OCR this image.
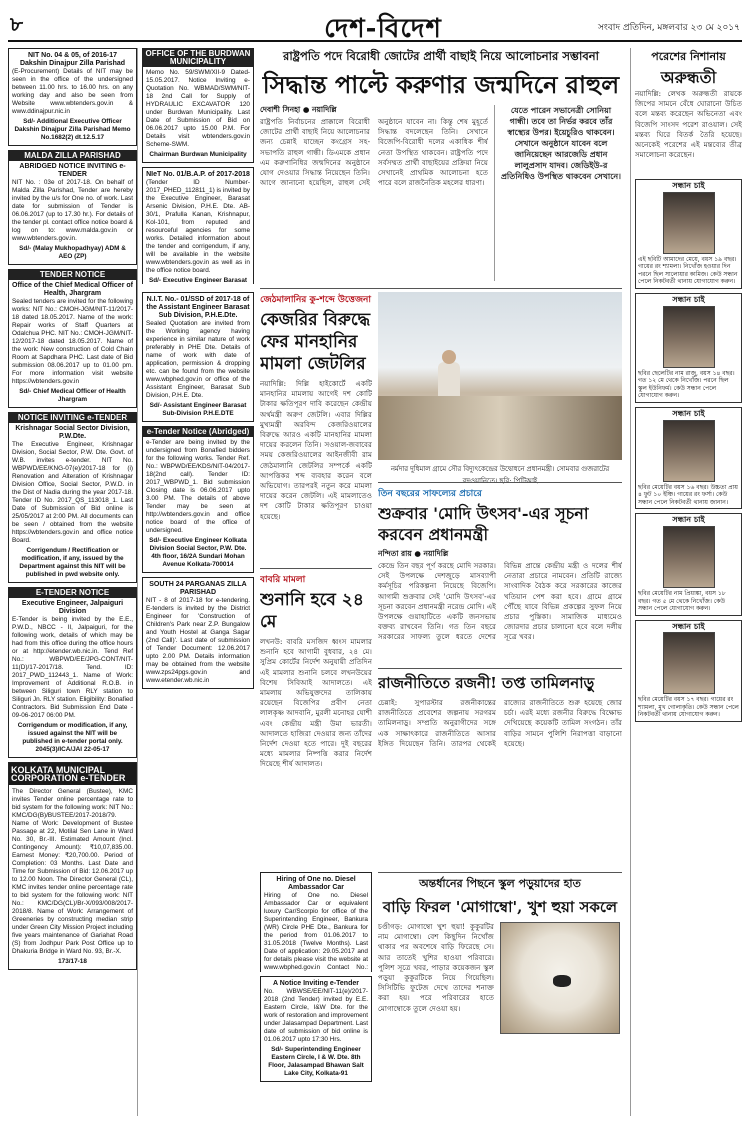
৮	দেশ-বিদেশ	সংবাদ প্রতিদিন, মঙ্গলবার ২৩ মে ২০১৭
NIT No. 04 & 05, of 2016-17
Dakshin Dinajpur Zilla Parishad
(E-Procurement) Details of NIT may be seen in the office of the undersigned between 11.00 hrs. to 16.00 hrs. on any working day and also be seen from Website www.wbtenders.gov.in & www.ddinajpur.nic.in
Sd/- Additional Executive Officer Dakshin Dinajpur Zilla Parishad Memo No.1682(2) dt.12.5.17
MALDA ZILLA PARISHAD
ABRIDGED NOTICE INVITING e-TENDER
NIT No. : 03e of 2017-18. On behalf of Malda Zilla Parishad, Tender are hereby invited by the u/s for One no. of work. Last date for submission of Tender is 06.06.2017 (up to 17.30 hr.). For details of the tender pl. contact office notice board & log on to: www.malda.gov.in or www.wbtenders.gov.in.
Sd/- (Malay Mukhopadhyay) ADM & AEO (ZP)
TENDER NOTICE
Office of the Chief Medical Officer of Health, Jhargram
Sealed tenders are invited for the following works: NIT No.: CMOH-JGM/NIT-11/2017-18 dated 18.05.2017. Name of the work: Repair works of Staff Quarters at Odalchua PHC. NIT No.: CMOH-JGM/NIT-12/2017-18 dated 18.05.2017. Name of the work: New construction of Cold Chain Room at Sapdhara PHC. Last date of Bid submission 08.06.2017 up to 01.00 pm. For more information visit website https://wbtenders.gov.in
Sd/- Chief Medical Officer of Health Jhargram
NOTICE INVITING e-TENDER
Krishnagar Social Sector Division, P.W.Dte.
The Executive Engineer, Krishnagar Division, Social Sector, P.W. Dte. Govt. of W.B. invites e-tender. NIT No. WBPWD/EE/KNG-07(e)/2017-18 for (i) Renovation and Alteration of Krishnagar Division Office, Social Sector, P.W.D. in the Dist of Nadia during the year 2017-18. Tender ID No. 2017_QS_113018_1. Last Date of Submission of Bid online is 25/05/2017 at 2:00 PM. All documents can be seen / obtained from the website https://wbtenders.gov.in and office notice Board.
Corrigendum / Rectification or modification, if any, issued by the Department against this NIT will be published in pwd website only.
E-TENDER NOTICE
Executive Engineer, Jalpaiguri Division
E-Tender is being invited by the E.E., P.W.D., NBCC - II, Jalpaiguri, for the following work, details of which may be had from this office during the office hours or at http://etender.wb.nic.in. Tend Ref No.: WBPWD/EE/JPG-CONT/NIT-11(D)/17-2017/18. Tend. ID: 2017_PWD_112443_1. Name of Work: Improvement of Additional R.O.B. in between Siliguri town RLY station to Siliguri Jn. RLY station. Eligibility: Bonafied Contractors. Bid Submission End Date - 09-06-2017 06:00 PM.
Corrigendum or modification, if any, issued against the NIT will be published in e-tender portal only. 2045(3)/ICA/JAI 22-05-17
KOLKATA MUNICIPAL CORPORATION e-TENDER
The Director General (Bustee), KMC invites Tender online percentage rate to bid system for the following work: NIT No.: KMC/DG(B)/BUSTEE/2017-2018/79. Name of Work: Development of Bustee Passage at 22, Motilal Sen Lane in Ward No. 30, Br.-III. Estimated Amount (Incl. Contingency Amount): ₹10,07,835.00. Earnest Money: ₹20,700.00. Period of Completion: 03 Months. Last Date and Time for Submission of Bid: 12.06.2017 up to 12.00 Noon. The Director General (CL), KMC invites tender online percentage rate to bid system for the following work: NIT No.: KMC/DG(CL)/Br-X/093/008/2017-2018/8. Name of Work: Arrangement of Greeneries by constructing median strip under Green City Mission Project including five years maintenance of Gariahat Road (S) from Jodhpur Park Post Office up to Dhakuria Bridge in Ward No. 93, Br.-X.
173/17-18
OFFICE OF THE BURDWAN MUNICIPALITY
Memo No. 59/SWM/XII-9 Dated-15.05.2017. Notice Inviting e-Quotation No. WBMAD/SWM/NIT-18 2nd Call for Supply of HYDRAULIC EXCAVATOR 120 under Burdwan Municipality. Last Date of Submission of Bid on 06.06.2017 upto 15.00 P.M. For Details visit wbtenders.gov.in Scheme-SWM.
Chairman Burdwan Municipality
NIeT No. 01/B.A.P. of 2017-2018
(Tender ID Number-2017_PHED_112811_1) is invited by the Executive Engineer, Barasat Arsenic Division, P.H.E. Dte. AB-30/1, Prafulla Kanan, Krishnapur, Kol-101, from reputed and resourceful agencies for some works. Detailed information about the tender and corrigendum, if any, will be available in the website www.wbtenders.gov.in as well as in the office notice board.
Sd/- Executive Engineer Barasat
রাষ্ট্রপতি পদে বিরোধী জোটের প্রার্থী বাছাই নিয়ে আলোচনার সম্ভাবনা
সিদ্ধান্ত পাল্টে করুণার জন্মদিনে রাহুল
দেবাশী সিনহা ● নয়াদিল্লি
রাষ্ট্রপতি নির্বাচনের প্রাক্কালে বিরোধী জোটের প্রার্থী বাছাই নিয়ে আলোচনার জন্য চেন্নাই যাচ্ছেন কংগ্রেস সহ-সভাপতি রাহুল গান্ধী। ডিএমকে প্রধান এম করুণানিধির জন্মদিনের অনুষ্ঠানে যোগ দেওয়ার সিদ্ধান্ত নিয়েছেন তিনি। আগে জানানো হয়েছিল, রাহুল সেই অনুষ্ঠানে যাবেন না। কিন্তু শেষ মুহূর্তে সিদ্ধান্ত বদলেছেন তিনি। সেখানে বিজেপি-বিরোধী দলের একাধিক শীর্ষ নেতা উপস্থিত থাকবেন। রাষ্ট্রপতি পদে সর্বসম্মত প্রার্থী বাছাইয়ের প্রক্রিয়া নিয়ে সেখানেই প্রাথমিক আলোচনা হতে পারে বলে রাজনৈতিক মহলের ধারণা।
যেতে পারেন সভানেত্রী সোনিয়া গান্ধী। তবে তা নির্ভর করবে তাঁর স্বাস্থ্যের উপর। ইয়েচুরিও থাকবেন। সেখানে অনুষ্ঠানে যাবেন বলে জানিয়েছেন আরজেডি প্রধান লালুপ্রসাদ যাদব। জেডিইউ-র প্রতিনিধিও উপস্থিত থাকবেন সেখানে।
জেঠমালানির কু-শব্দে উত্তেজনা
কেজরির বিরুদ্ধে ফের মানহানির মামলা জেটলির
নয়াদিল্লি: দিল্লি হাইকোর্টে একটি মানহানির মামলায় আগেই দশ কোটি টাকার ক্ষতিপূরণ দাবি করেছেন কেন্দ্রীয় অর্থমন্ত্রী অরুণ জেটলি। এবার দিল্লির মুখ্যমন্ত্রী অরবিন্দ কেজরিওয়ালের বিরুদ্ধে আরও একটি মানহানির মামলা দায়ের করলেন তিনি। সওয়াল-জবাবের সময় কেজরিওয়ালের আইনজীবী রাম জেঠমালানি জেটলির সম্পর্কে একটি আপত্তিকর শব্দ ব্যবহার করেন বলে অভিযোগ। তারপরই নতুন করে মামলা দায়ের করেন জেটলি। এই মামলাতেও দশ কোটি টাকার ক্ষতিপূরণ চাওয়া হয়েছে।
নর্মদার দুধিমাল গ্রামে সৌর বিদ্যুৎকেন্দ্রের উদ্বোধনে প্রধানমন্ত্রী। সোমবার গুজরাটের বদওয়ানিতে। ছবি: পিটিআই
তিন বছরের সাফল্যের প্রচারে
শুক্রবার 'মোদি উৎসব'-এর সূচনা করবেন প্রধানমন্ত্রী
নন্দিতা রায় ● নয়াদিল্লি
কেন্দ্রে তিন বছর পূর্ণ করছে মোদি সরকার। সেই উপলক্ষে দেশজুড়ে মাসব্যাপী কর্মসূচির পরিকল্পনা নিয়েছে বিজেপি। আগামী শুক্রবার সেই 'মোদি উৎসব'-এর সূচনা করবেন প্রধানমন্ত্রী নরেন্দ্র মোদি। এই উপলক্ষে গুয়াহাটিতে একটি জনসভায় বক্তব্য রাখবেন তিনি। গত তিন বছরে সরকারের সাফল্য তুলে ধরতে দেশের বিভিন্ন প্রান্তে কেন্দ্রীয় মন্ত্রী ও দলের শীর্ষ নেতারা প্রচারে নামবেন। প্রতিটি রাজ্যে সাংবাদিক বৈঠক করে সরকারের কাজের খতিয়ান পেশ করা হবে। গ্রামে গ্রামে পৌঁছে যাবে বিভিন্ন প্রকল্পের সুফল নিয়ে প্রচার পুস্তিকা। সামাজিক মাধ্যমেও জোরদার প্রচার চালানো হবে বলে দলীয় সূত্রে খবর।
N.I.T. No.- 01/SSD of 2017-18 of the Assistant Engineer Barasat Sub Division, P.H.E.Dte.
Sealed Quotation are invited from the Working agency having experience in similar nature of work preferably in PHE Dte. Details of name of work with date of application, permission & dropping etc. can be found from the website www.wbphed.gov.in or office of the Assistant Engineer, Barasat Sub Division, P.H.E. Dte.
Sd/- Assistant Engineer Barasat Sub-Division P.H.E.DTE
e-Tender Notice (Abridged)
e-Tender are being invited by the undersigned from Bonafied bidders for the following works. Tender Ref. No.: WBPWD/EE/KDS/NIT-04/2017-18(2nd call). Tender ID: 2017_WBPWD_1. Bid submission Closing date is 06.06.2017 upto 3.00 PM. The details of above Tender may be seen at http://wbtenders.gov.in and office notice board of the office of undersigned.
Sd/- Executive Engineer Kolkata Division Social Sector, P.W. Dte. 4th floor, 16/2A Sundari Mohan Avenue Kolkata-700014
SOUTH 24 PARGANAS ZILLA PARISHAD
NIT - 8 of 2017-18 for e-tendering. E-tenders is invited by the District Engineer for 'Construction of Children's Park near Z.P. Bungalow and Youth Hostel at Ganga Sagar (2nd Call)'. Last date of submission of Tender Document: 12.06.2017 upto 2.00 PM. Details information may be obtained from the website www.zps24pgs.gov.in and www.etender.wb.nic.in
বাবরি মামলা
শুনানি হবে ২৪ মে
লখনউ: বাবরি মসজিদ ধ্বংস মামলার শুনানি হবে আগামী বুধবার, ২৪ মে। সুপ্রিম কোর্টের নির্দেশ অনুযায়ী প্রতিদিন এই মামলার শুনানি চলবে লখনউয়ের বিশেষ সিবিআই আদালতে। এই মামলায় অভিযুক্তদের তালিকায় রয়েছেন বিজেপির প্রবীণ নেতা লালকৃষ্ণ আদবানি, মুরলী মনোহর যোশী এবং কেন্দ্রীয় মন্ত্রী উমা ভারতী। আদালতে হাজিরা দেওয়ার জন্য তাঁদের নির্দেশ দেওয়া হতে পারে। দুই বছরের মধ্যে মামলার নিষ্পত্তি করার নির্দেশ দিয়েছে শীর্ষ আদালত।
রাজনীতিতে রজনী! তপ্ত তামিলনাড়ু
চেন্নাই: সুপারস্টার রজনীকান্তের রাজনীতিতে প্রবেশের জল্পনায় সরগরম তামিলনাড়ু। সম্প্রতি অনুরাগীদের সঙ্গে এক সাক্ষাৎকারে রাজনীতিতে আসার ইঙ্গিত দিয়েছেন তিনি। তারপর থেকেই রাজ্যের রাজনীতিতে শুরু হয়েছে জোর চর্চা। এরই মধ্যে রজনীর বিরুদ্ধে বিক্ষোভ দেখিয়েছে কয়েকটি তামিল সংগঠন। তাঁর বাড়ির সামনে পুলিশি নিরাপত্তা বাড়ানো হয়েছে।
Hiring of One no. Diesel Ambassador Car
Hiring of One no. Diesel Ambassador Car or equivalent luxury Car/Scorpio for office of the Superintending Engineer, Bankura (WR) Circle PHE Dte., Bankura for the period from 01.06.2017 to 31.05.2018 (Twelve Months). Last Date of application: 29.05.2017 and for details please visit the website at www.wbphed.gov.in Contact No.:
অন্তর্ধানের পিছনে স্কুল পড়ুয়াদের হাত
বাড়ি ফিরল 'মোগাম্বো', খুশ হুয়া সকলে
চণ্ডীগড়: মোগাম্বো খুশ হুয়া! কুকুরটির নাম মোগাম্বো। বেশ কিছুদিন নিখোঁজ থাকার পর অবশেষে বাড়ি ফিরেছে সে। আর তাতেই খুশির হাওয়া পরিবারে। পুলিশ সূত্রে খবর, পাড়ার কয়েকজন স্কুল পড়ুয়া কুকুরটিকে নিয়ে গিয়েছিল। সিসিটিভি ফুটেজ দেখে তাদের শনাক্ত করা হয়। পরে পরিবারের হাতে মোগাম্বোকে তুলে দেওয়া হয়।
A Notice Inviting e-Tender
No. WBWSE/EE/NIT-11(e)/2017-2018 (2nd Tender) invited by E.E. Eastern Circle, I&W Dte. for the work of restoration and improvement under Jalasampad Department. Last date of submission of bid online is 01.06.2017 upto 17:30 Hrs.
Sd/- Superintending Engineer Eastern Circle, I & W. Dte. 8th Floor, Jalasampad Bhawan Salt Lake City, Kolkata-91
পরেশের নিশানায়
অরুন্ধতী
নয়াদিল্লি: লেখক অরুন্ধতী রায়কে জিপের সামনে বেঁধে ঘোরানো উচিত বলে মন্তব্য করেছেন অভিনেতা এবং বিজেপি সাংসদ পরেশ রাওয়াল। সেই মন্তব্য ঘিরে বিতর্ক তৈরি হয়েছে। অনেকেই পরেশের এই মন্তব্যের তীব্র সমালোচনা করেছেন।
সন্ধান চাই
এই ছবিটি আমাদের মেয়ে, বয়স ১৯ বছর। গায়ের রং শ্যামলা। নিখোঁজ হওয়ার দিন পরনে ছিল সালোয়ার কামিজ। কেউ সন্ধান পেলে নিকটবর্তী থানায় যোগাযোগ করুন।
সন্ধান চাই
ছবির ছেলেটির নাম রাজু, বয়স ১৪ বছর। গত ১২ মে থেকে নিখোঁজ। পরনে ছিল স্কুল ইউনিফর্ম। কেউ সন্ধান পেলে যোগাযোগ করুন।
সন্ধান চাই
ছবির মেয়েটির বয়স ১৬ বছর। উচ্চতা প্রায় ৪ ফুট ১০ ইঞ্চি। গায়ের রং ফর্সা। কেউ সন্ধান পেলে নিকটবর্তী থানায় জানান।
সন্ধান চাই
ছবির মেয়েটির নাম প্রিয়াঙ্কা, বয়স ১৮ বছর। গত ৫ মে থেকে নিখোঁজ। কেউ সন্ধান পেলে যোগাযোগ করুন।
সন্ধান চাই
ছবির মেয়েটির বয়স ১৭ বছর। গায়ের রং শ্যামলা, মুখ গোলাকৃতি। কেউ সন্ধান পেলে নিকটবর্তী থানায় যোগাযোগ করুন।
